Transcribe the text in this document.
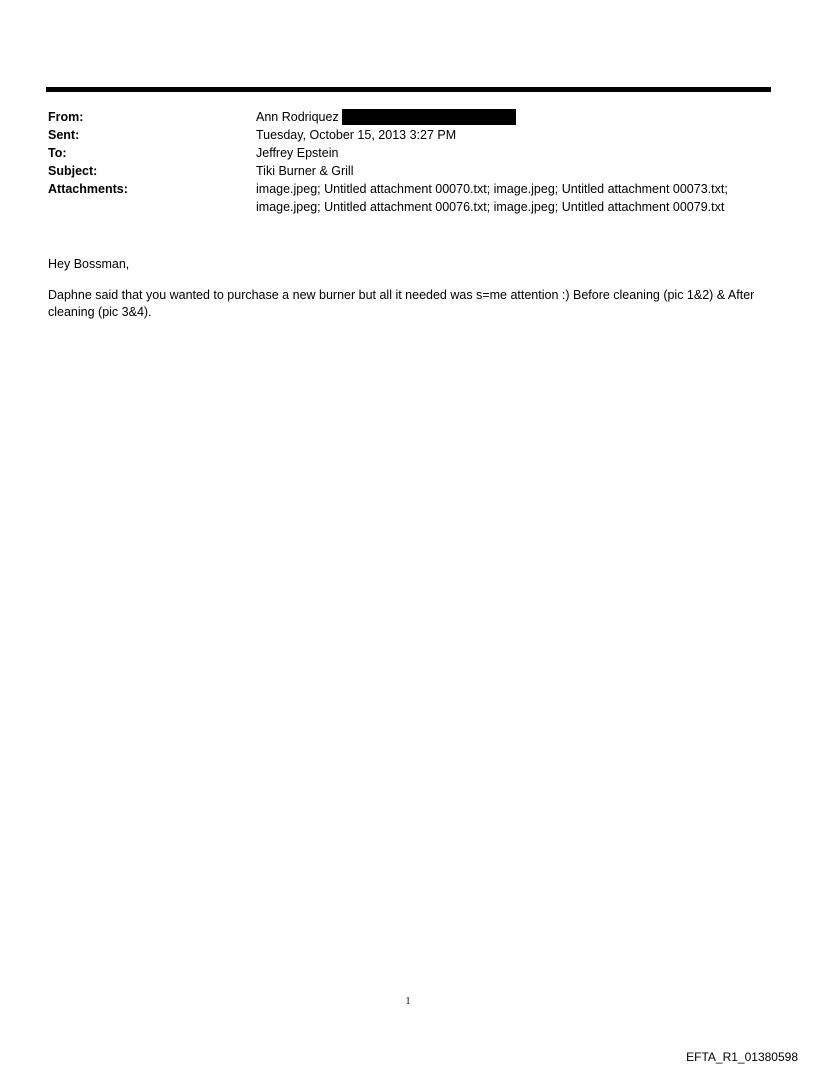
From:	Ann Rodriquez
Sent:	Tuesday, October 15, 2013 3:27 PM
To:	Jeffrey Epstein
Subject:	Tiki Burner & Grill
Attachments:	image.jpeg; Untitled attachment 00070.txt; image.jpeg; Untitled attachment 00073.txt;
image.jpeg; Untitled attachment 00076.txt; image.jpeg; Untitled attachment 00079.txt

Hey Bossman,

Daphne said that you wanted to purchase a new burner but all it needed was s=me attention :) Before cleaning (pic 1&2) & After cleaning (pic 3&4).

1
EFTA_R1_01380598
